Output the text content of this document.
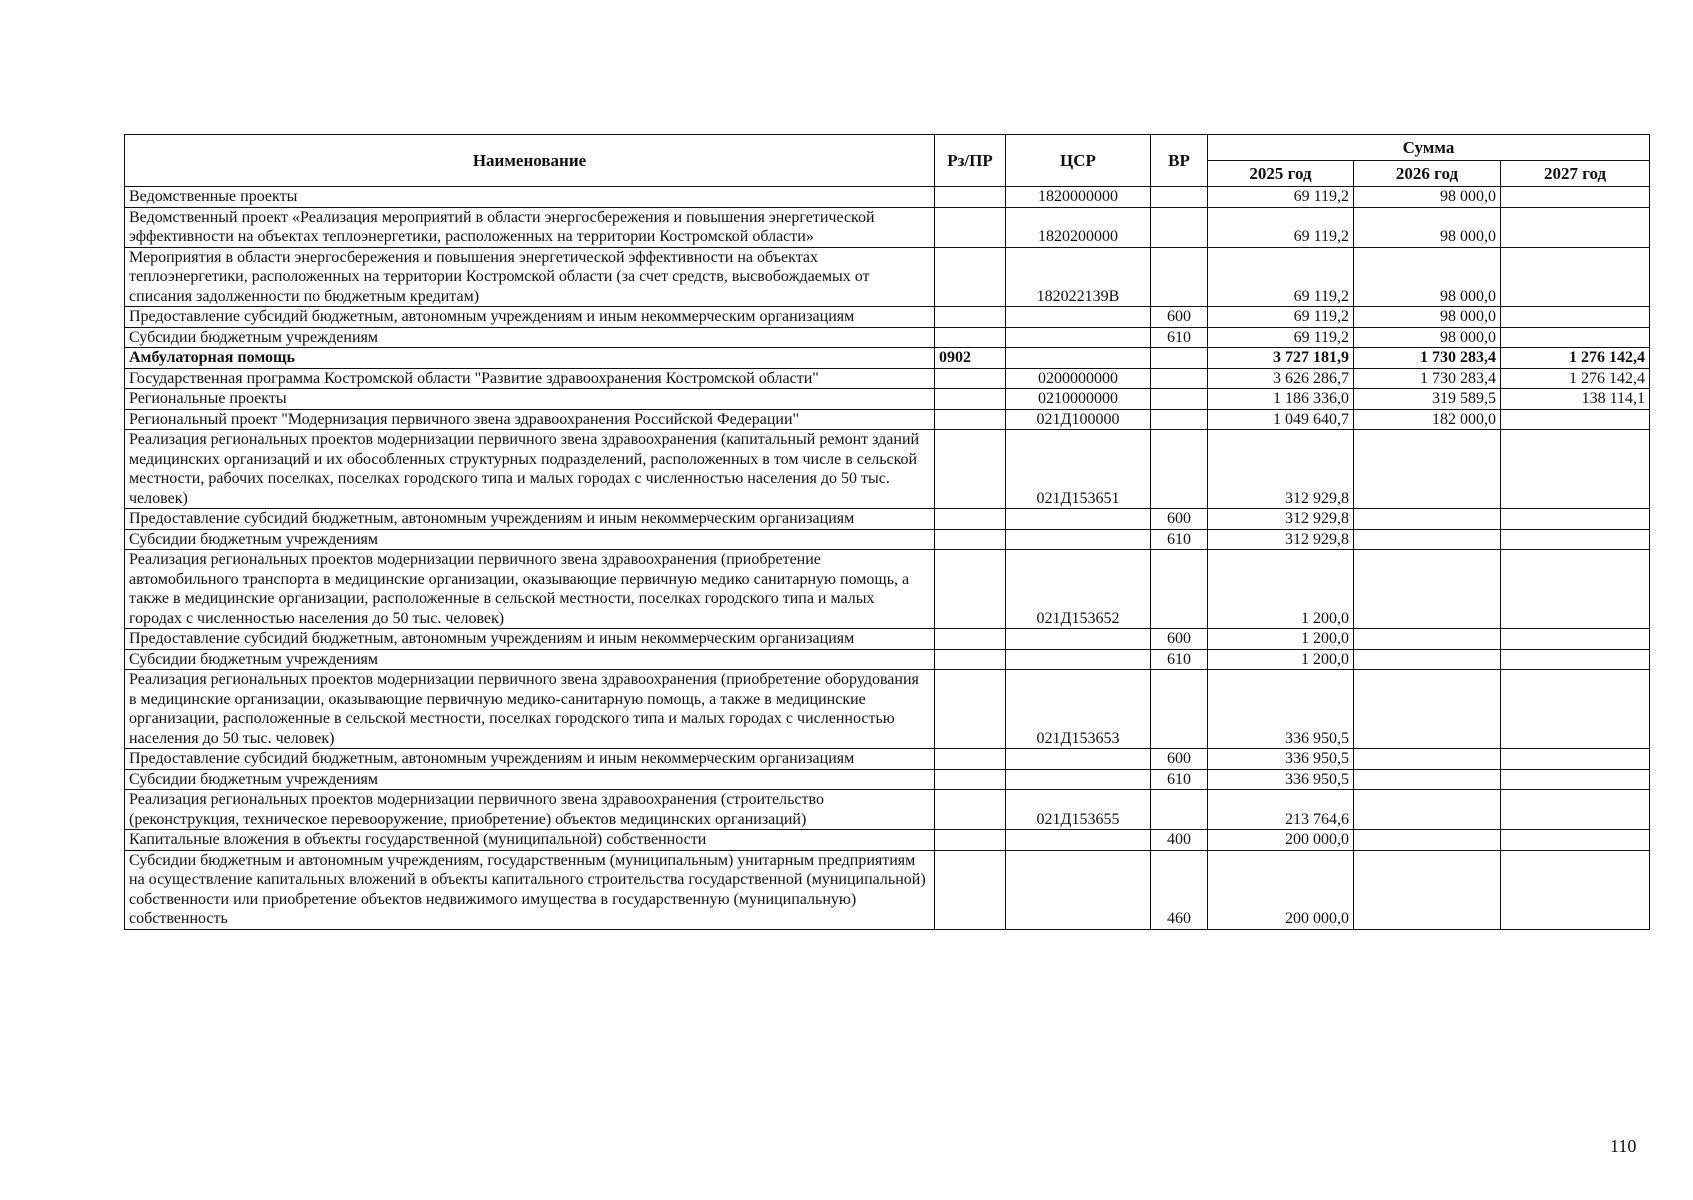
Наименование	Рз/ПР	ЦСР	ВР	Сумма		
				2025 год	2026 год	2027 год
Ведомственные проекты		1820000000		69 119,2	98 000,0	
Ведомственный проект «Реализация мероприятий в области энергосбережения и повышения энергетической эффективности на объектах теплоэнергетики, расположенных на территории Костромской области»		1820200000		69 119,2	98 000,0	
Мероприятия в области энергосбережения и повышения энергетической эффективности на объектах теплоэнергетики, расположенных на территории Костромской области (за счет средств, высвобождаемых от списания задолженности по бюджетным кредитам)		182022139В		69 119,2	98 000,0	
Предоставление субсидий бюджетным, автономным учреждениям и иным некоммерческим организациям			600	69 119,2	98 000,0	
Субсидии бюджетным учреждениям			610	69 119,2	98 000,0	
Амбулаторная помощь	0902			3 727 181,9	1 730 283,4	1 276 142,4
Государственная программа Костромской области "Развитие здравоохранения Костромской области"		0200000000		3 626 286,7	1 730 283,4	1 276 142,4
Региональные проекты		0210000000		1 186 336,0	319 589,5	138 114,1
Региональный проект "Модернизация первичного звена здравоохранения Российской Федерации"		021Д100000		1 049 640,7	182 000,0	
Реализация региональных проектов модернизации первичного звена здравоохранения (капитальный ремонт зданий медицинских организаций и их обособленных структурных подразделений, расположенных в том числе в сельской местности, рабочих поселках, поселках городского типа и малых городах с численностью населения до 50 тыс. человек)		021Д153651		312 929,8		
Предоставление субсидий бюджетным, автономным учреждениям и иным некоммерческим организациям			600	312 929,8		
Субсидии бюджетным учреждениям			610	312 929,8		
Реализация региональных проектов модернизации первичного звена здравоохранения (приобретение автомобильного транспорта в медицинские организации, оказывающие первичную медико санитарную помощь, а также в медицинские организации, расположенные в сельской местности, поселках городского типа и малых городах с численностью населения до 50 тыс. человек)		021Д153652		1 200,0		
Предоставление субсидий бюджетным, автономным учреждениям и иным некоммерческим организациям			600	1 200,0		
Субсидии бюджетным учреждениям			610	1 200,0		
Реализация региональных проектов модернизации первичного звена здравоохранения (приобретение оборудования в медицинские организации, оказывающие первичную медико-санитарную помощь, а также в медицинские организации, расположенные в сельской местности, поселках городского типа и малых городах с численностью населения до 50 тыс. человек)		021Д153653		336 950,5		
Предоставление субсидий бюджетным, автономным учреждениям и иным некоммерческим организациям			600	336 950,5		
Субсидии бюджетным учреждениям			610	336 950,5		
Реализация региональных проектов модернизации первичного звена здравоохранения (строительство (реконструкция, техническое перевооружение, приобретение) объектов медицинских организаций)		021Д153655		213 764,6		
Капитальные вложения в объекты государственной (муниципальной) собственности			400	200 000,0		
Субсидии бюджетным и автономным учреждениям, государственным (муниципальным) унитарным предприятиям на осуществление капитальных вложений в объекты капитального строительства государственной (муниципальной) собственности или приобретение объектов недвижимого имущества в государственную (муниципальную) собственность			460	200 000,0		
110
